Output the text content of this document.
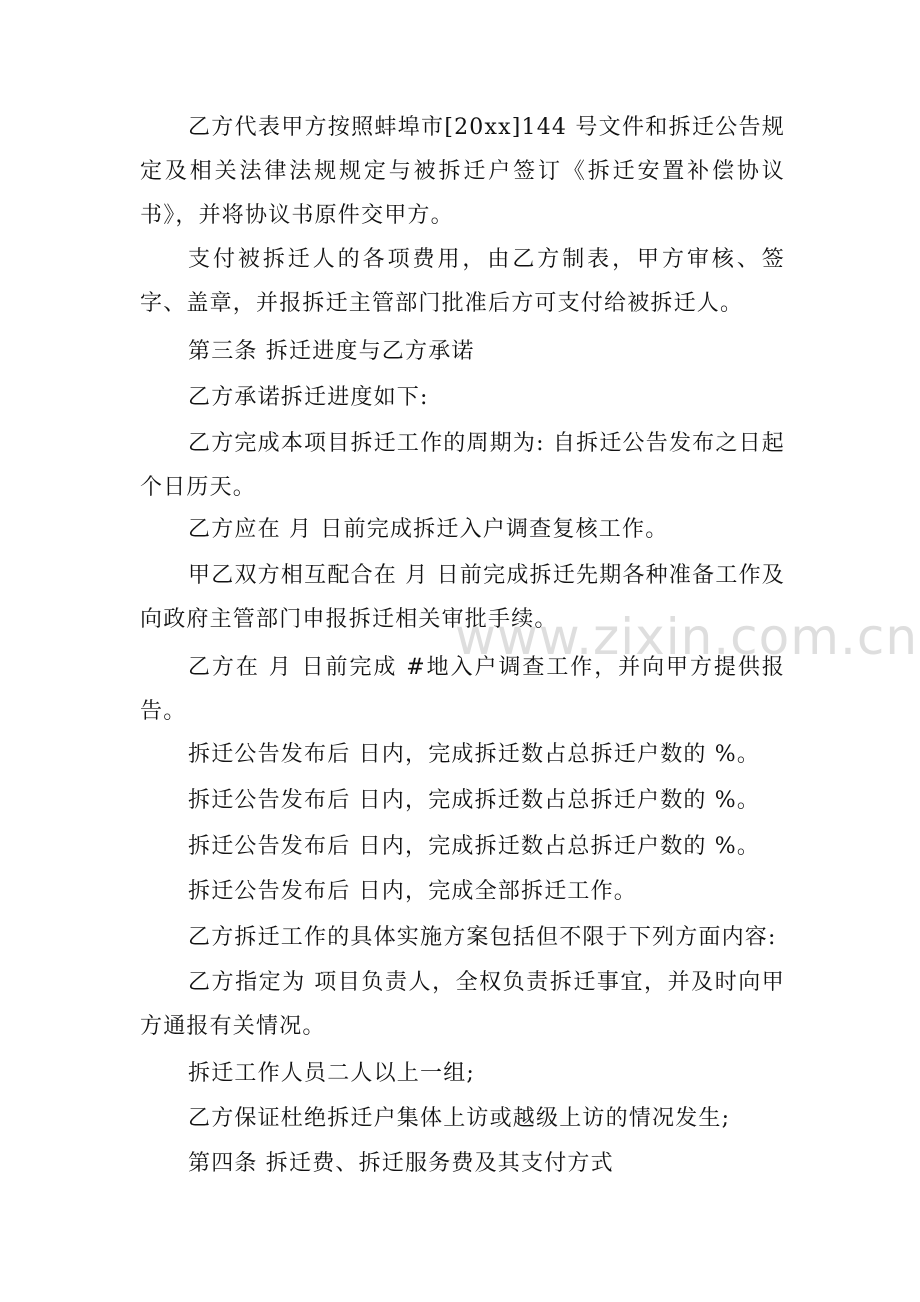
乙方代表甲方按照蚌埠市[20xx]144 号文件和拆迁公告规定及相关法律法规规定与被拆迁户签订《拆迁安置补偿协议书》，并将协议书原件交甲方。

支付被拆迁人的各项费用，由乙方制表，甲方审核、签字、盖章，并报拆迁主管部门批准后方可支付给被拆迁人。

第三条 拆迁进度与乙方承诺

乙方承诺拆迁进度如下:

乙方完成本项目拆迁工作的周期为: 自拆迁公告发布之日起 个日历天。

乙方应在 月 日前完成拆迁入户调查复核工作。

甲乙双方相互配合在 月 日前完成拆迁先期各种准备工作及向政府主管部门申报拆迁相关审批手续。

乙方在 月 日前完成 #地入户调查工作，并向甲方提供报告。

拆迁公告发布后 日内，完成拆迁数占总拆迁户数的 %。

拆迁公告发布后 日内，完成拆迁数占总拆迁户数的 %。

拆迁公告发布后 日内，完成拆迁数占总拆迁户数的 %。

拆迁公告发布后 日内，完成全部拆迁工作。

乙方拆迁工作的具体实施方案包括但不限于下列方面内容:

乙方指定为 项目负责人，全权负责拆迁事宜，并及时向甲方通报有关情况。

拆迁工作人员二人以上一组;

乙方保证杜绝拆迁户集体上访或越级上访的情况发生;

第四条 拆迁费、拆迁服务费及其支付方式

www.zixin.com.cn
